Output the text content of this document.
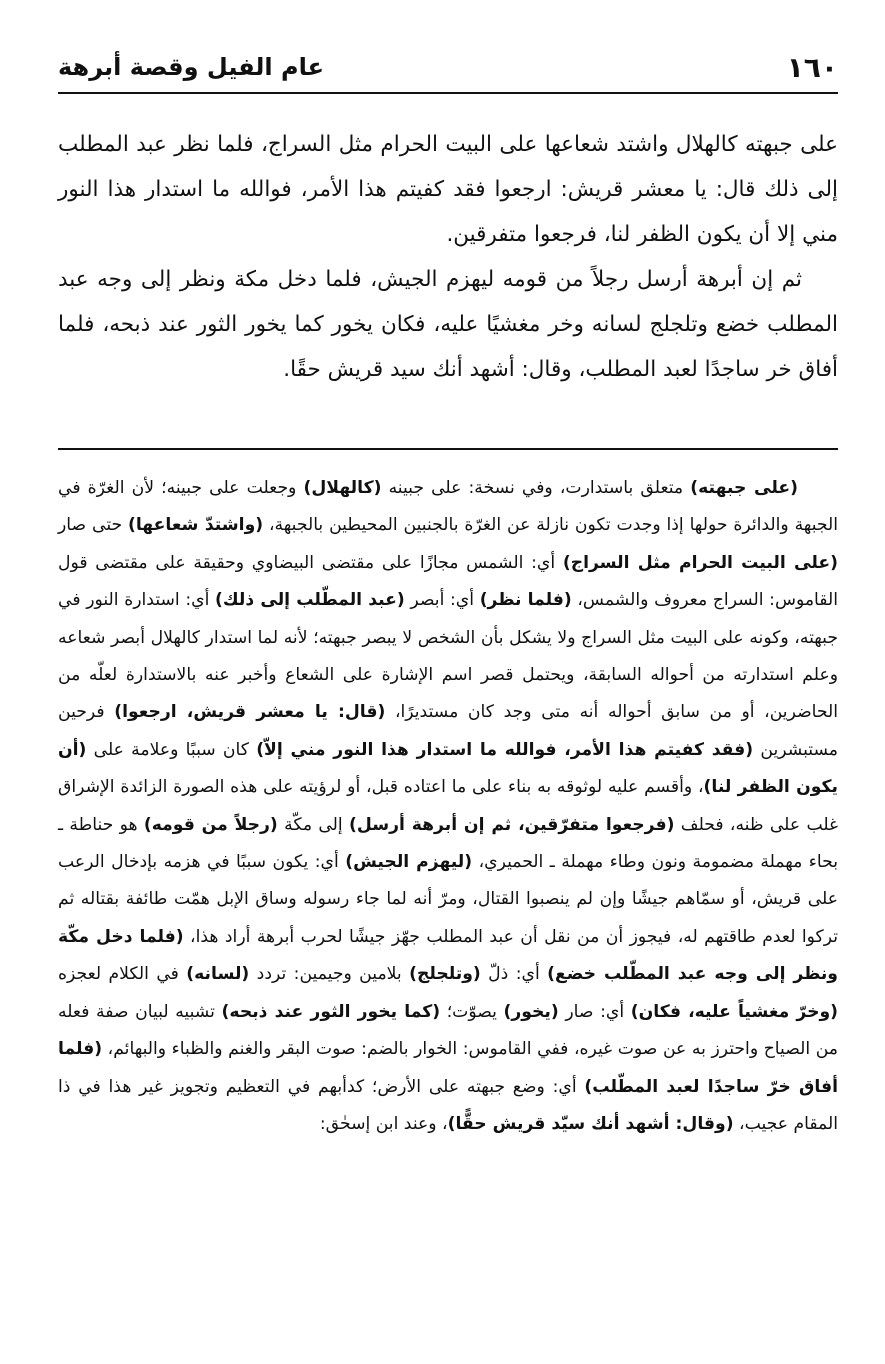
١٦٠
عام الفيل وقصة أبرهة

على جبهته كالهلال واشتد شعاعها على البيت الحرام مثل السراج، فلما نظر عبد المطلب إلى ذلك قال: يا معشر قريش: ارجعوا فقد كفيتم هذا الأمر، فوالله ما استدار هذا النور مني إلا أن يكون الظفر لنا، فرجعوا متفرقين.

ثم إن أبرهة أرسل رجلاً من قومه ليهزم الجيش، فلما دخل مكة ونظر إلى وجه عبد المطلب خضع وتلجلج لسانه وخر مغشيًا عليه، فكان يخور كما يخور الثور عند ذبحه، فلما أفاق خر ساجدًا لعبد المطلب، وقال: أشهد أنك سيد قريش حقًا.

(على جبهته) متعلق باستدارت، وفي نسخة: على جبينه (كالهلال) وجعلت على جبينه؛ لأن الغرّة في الجبهة والدائرة حولها إذا وجدت تكون نازلة عن الغرّة بالجنبين المحيطين بالجبهة، (واشتدّ شعاعها) حتى صار (على البيت الحرام مثل السراج) أي: الشمس مجازًا على مقتضى البيضاوي وحقيقة على مقتضى قول القاموس: السراج معروف والشمس، (فلما نظر) أي: أبصر (عبد المطّلب إلى ذلك) أي: استدارة النور في جبهته، وكونه على البيت مثل السراج ولا يشكل بأن الشخص لا يبصر جبهته؛ لأنه لما استدار كالهلال أبصر شعاعه وعلم استدارته من أحواله السابقة، ويحتمل قصر اسم الإشارة على الشعاع وأخبر عنه بالاستدارة لعلّه من الحاضرين، أو من سابق أحواله أنه متى وجد كان مستديرًا، (قال: يا معشر قريش، ارجعوا) فرحين مستبشرين (فقد كفيتم هذا الأمر، فوالله ما استدار هذا النور مني إلاّ) كان سببًا وعلامة على (أن يكون الظفر لنا)، وأقسم عليه لوثوقه به بناء على ما اعتاده قبل، أو لرؤيته على هذه الصورة الزائدة الإشراق غلب على ظنه، فحلف (فرجعوا متفرّقين، ثم إن أبرهة أرسل) إلى مكّة (رجلاً من قومه) هو حناطة ـ بحاء مهملة مضمومة ونون وطاء مهملة ـ الحميري، (ليهزم الجيش) أي: يكون سببًا في هزمه بإدخال الرعب على قريش، أو سمّاهم جيشًا وإن لم ينصبوا القتال، ومرّ أنه لما جاء رسوله وساق الإبل همّت طائفة بقتاله ثم تركوا لعدم طاقتهم له، فيجوز أن من نقل أن عبد المطلب جهّز جيشًا لحرب أبرهة أراد هذا، (فلما دخل مكّة ونظر إلى وجه عبد المطّلب خضع) أي: ذلّ (وتلجلج) بلامين وجيمين: تردد (لسانه) في الكلام لعجزه (وخرّ مغشياً عليه، فكان) أي: صار (يخور) يصوّت؛ (كما يخور الثور عند ذبحه) تشبيه لبيان صفة فعله من الصياح واحترز به عن صوت غيره، ففي القاموس: الخوار بالضم: صوت البقر والغنم والظباء والبهائم، (فلما أفاق خرّ ساجدًا لعبد المطّلب) أي: وضع جبهته على الأرض؛ كدأبهم في التعظيم وتجويز غير هذا في ذا المقام عجيب، (وقال: أشهد أنك سيّد قريش حقًّا)، وعند ابن إسحٰق:
